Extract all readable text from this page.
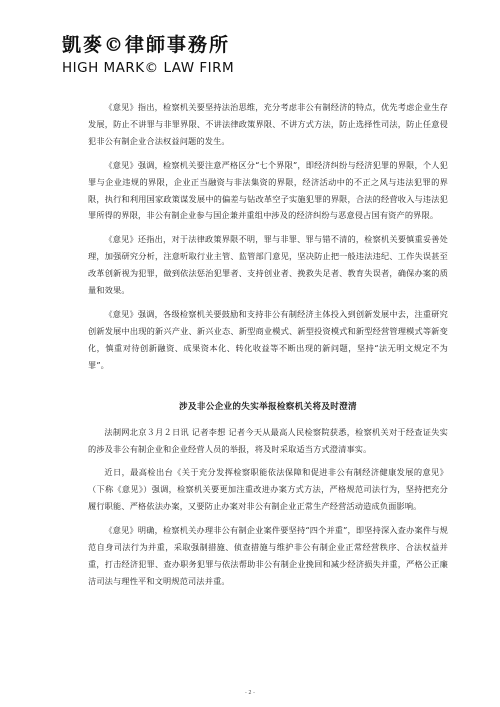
凱麥©律師事務所
HIGH MARK© LAW FIRM

《意见》指出，检察机关要坚持法治思维，充分考虑非公有制经济的特点，优先考虑企业生存发展，防止不讲罪与非罪界限、不讲法律政策界限、不讲方式方法，防止选择性司法，防止任意侵犯非公有制企业合法权益问题的发生。

《意见》强调，检察机关要注意严格区分“七个界限”，即经济纠纷与经济犯罪的界限，个人犯罪与企业违规的界限，企业正当融资与非法集资的界限，经济活动中的不正之风与违法犯罪的界限，执行和利用国家政策谋发展中的偏差与钻改革空子实施犯罪的界限，合法的经营收入与违法犯罪所得的界限，非公有制企业参与国企兼并重组中涉及的经济纠纷与恶意侵占国有资产的界限。

《意见》还指出，对于法律政策界限不明，罪与非罪、罪与错不清的，检察机关要慎重妥善处理，加强研究分析，注意听取行业主管、监管部门意见，坚决防止把一般违法违纪、工作失误甚至改革创新视为犯罪，做到依法惩治犯罪者、支持创业者、挽救失足者、教育失误者，确保办案的质量和效果。

《意见》强调，各级检察机关要鼓励和支持非公有制经济主体投入到创新发展中去，注重研究创新发展中出现的新兴产业、新兴业态、新型商业模式、新型投资模式和新型经营管理模式等新变化，慎重对待创新融资、成果资本化、转化收益等不断出现的新问题，坚持“法无明文规定不为罪”。

涉及非公企业的失实举报检察机关将及时澄清

法制网北京３月２日讯 记者李想 记者今天从最高人民检察院获悉，检察机关对于经查证失实的涉及非公有制企业和企业经营人员的举报，将及时采取适当方式澄清事实。

近日，最高检出台《关于充分发挥检察职能依法保障和促进非公有制经济健康发展的意见》（下称《意见》）强调，检察机关要更加注重改进办案方式方法，严格规范司法行为，坚持把充分履行职能、严格依法办案，又要防止办案对非公有制企业正常生产经营活动造成负面影响。

《意见》明确，检察机关办理非公有制企业案件要坚持“四个并重”，即坚持深入查办案件与规范自身司法行为并重，采取强制措施、侦查措施与维护非公有制企业正常经营秩序、合法权益并重，打击经济犯罪、查办职务犯罪与依法帮助非公有制企业挽回和减少经济损失并重，严格公正廉洁司法与理性平和文明规范司法并重。

- 2 -
